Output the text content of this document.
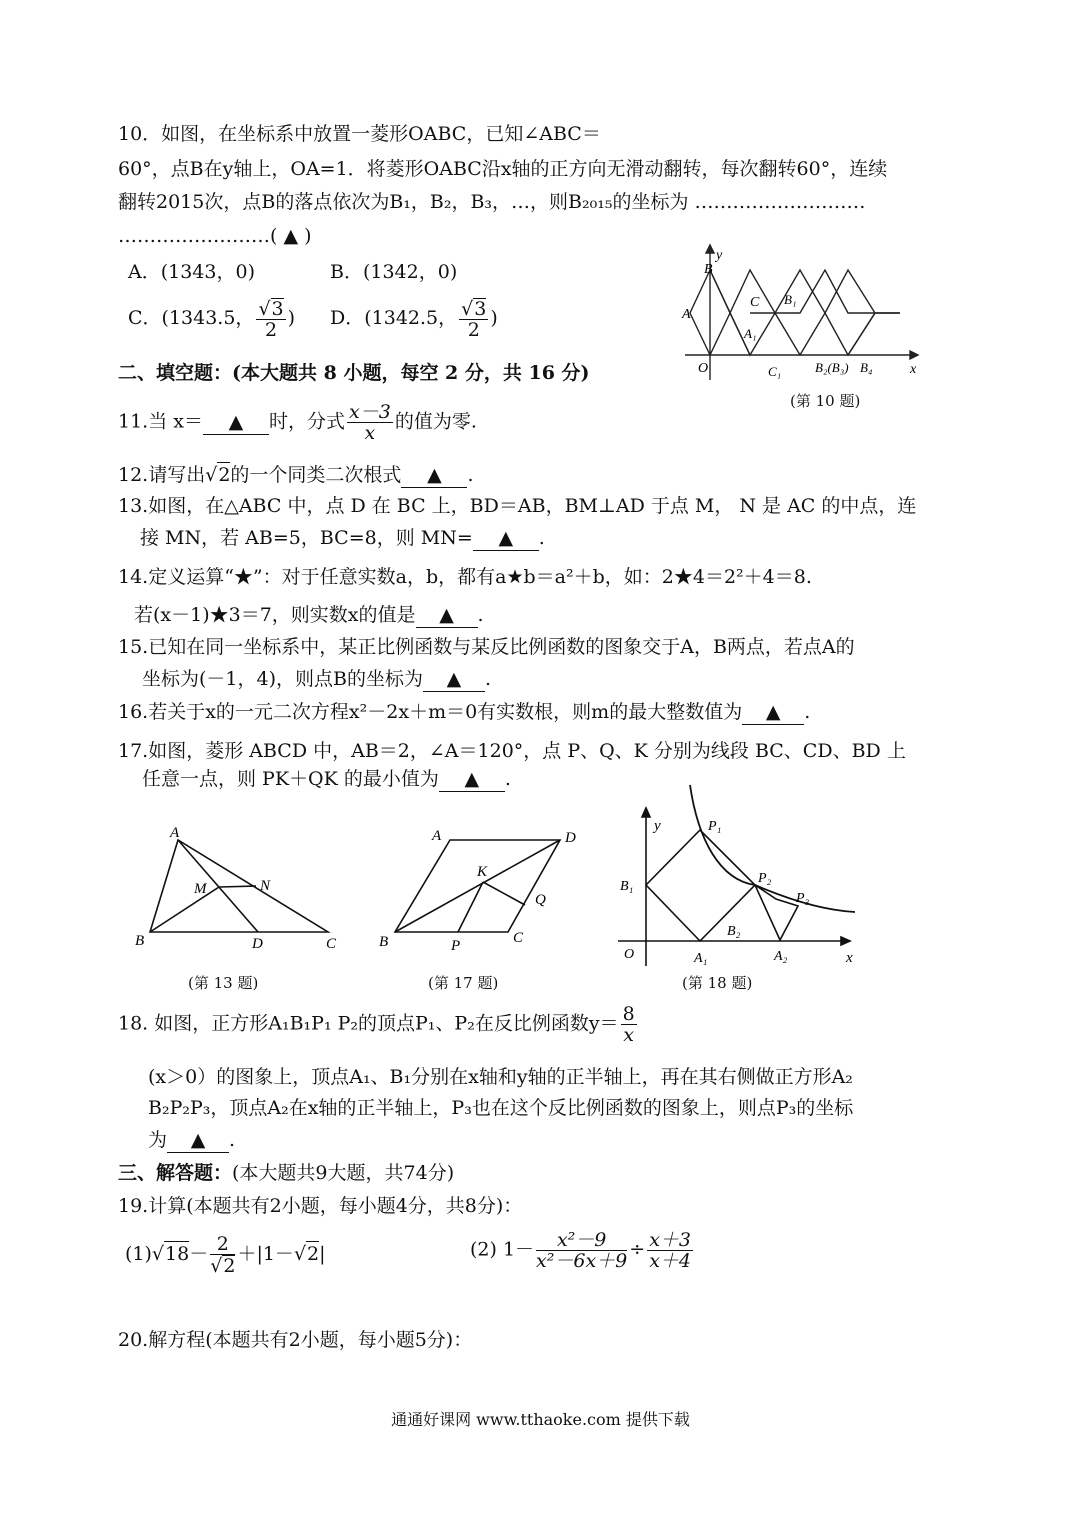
10．如图，在坐标系中放置一菱形OABC，已知∠ABC＝
60°，点B在y轴上，OA=1．将菱形OABC沿x轴的正方向无滑动翻转，每次翻转60°，连续
翻转2015次，点B的落点依次为B₁，B₂，B₃，…，则B₂₀₁₅的坐标为 ………………………
……………………( ▲ )
A．(1343，0)	B．(1342，0)
C．(1343.5， $\frac{√3}{2}$ ) D．(1342.5， $\frac{√3}{2}$ )
B
y
A
C B₁
A₁
O	C₁	B₂(B₃) B₄	x
(第 10 题)
二、填空题：(本大题共 8 小题，每空 2 分，共 16 分)
11.当 x＝ ▲ 时，分式 $\frac{x-3}{x}$ 的值为零.
12.请写出√2的一个同类二次根式 ▲ .
13.如图，在△ABC 中，点 D 在 BC 上，BD＝AB，BM⊥AD 于点 M， N 是 AC 的中点，连
接 MN，若 AB=5，BC=8，则 MN= ▲ .
14.定义运算“★”：对于任意实数a，b，都有a★b＝a²＋b，如：2★4＝2²＋4＝8.
若(x－1)★3＝7，则实数x的值是 ▲ .
15.已知在同一坐标系中，某正比例函数与某反比例函数的图象交于A，B两点，若点A的
坐标为(－1，4)，则点B的坐标为 ▲ .
16.若关于x的一元二次方程x²－2x＋m＝0有实数根，则m的最大整数值为 ▲ .
17.如图，菱形 ABCD 中，AB＝2，∠A＝120°，点 P、Q、K 分别为线段 BC、CD、BD 上
任意一点，则 PK＋QK 的最小值为 ▲ .
A
M	N
B	D	C
(第 13 题)
A	D
K
Q
B	P	C
(第 17 题)
y	P₁
B₁
P₂
P₃
B₂
O	A₁	A₂	x
(第 18 题)
18. 如图，正方形A₁B₁P₁ P₂的顶点P₁、P₂在反比例函数$y= \frac{8}{x}$
(x＞0）的图象上，顶点A₁、B₁分别在x轴和y轴的正半轴上，再在其右侧做正方形A₂
B₂P₂P₃，顶点A₂在x轴的正半轴上，P₃也在这个反比例函数的图象上，则点P₃的坐标
为 ▲ .
三、解答题：(本大题共9大题，共74分)
19.计算(本题共有2小题，每小题4分，共8分)：
$(1)√18- \frac{2}{√2} +|1-√2|$	(2) $1- \frac{\text{x²－9}}{\text{x²－6x＋9}} \div \frac{x+3}{x+4}$
20.解方程(本题共有2小题，每小题5分)：
通通好课网 www.tthaoke.com 提供下载
